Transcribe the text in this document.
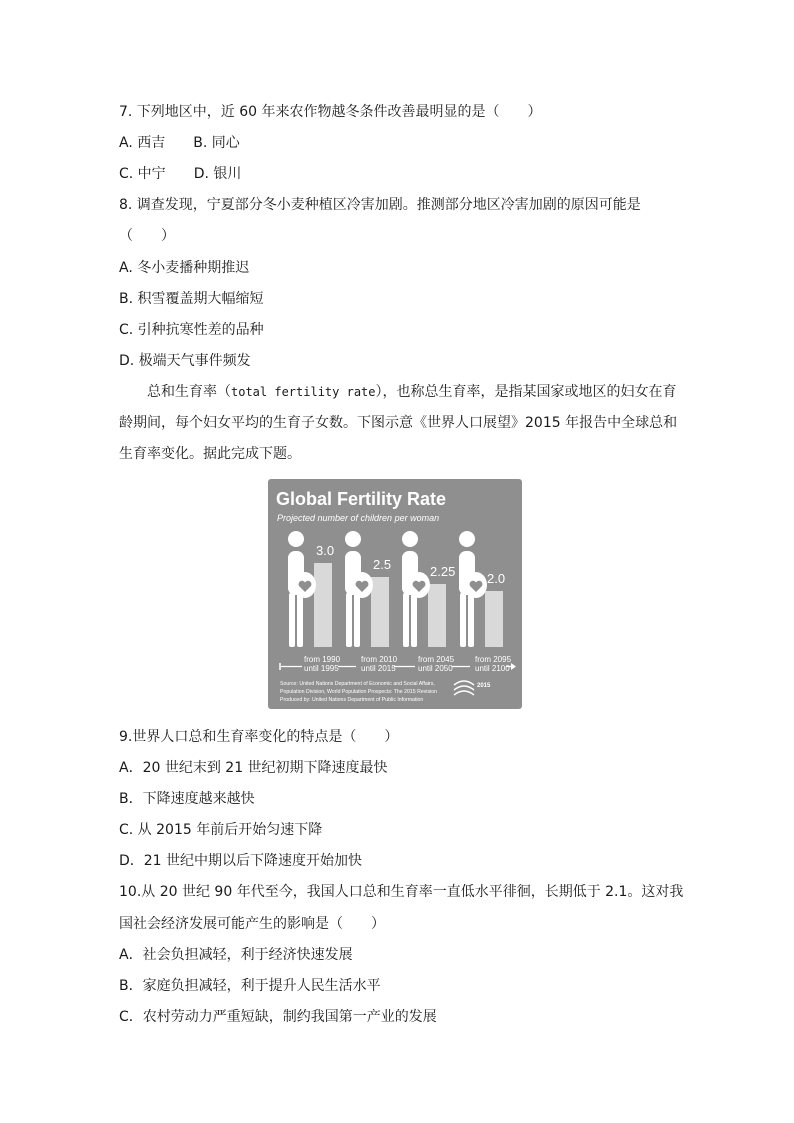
7. 下列地区中，近 60 年来农作物越冬条件改善最明显的是（　　）
A. 西吉 B. 同心
C. 中宁 D. 银川
8. 调查发现，宁夏部分冬小麦种植区冷害加剧。推测部分地区冷害加剧的原因可能是
（　　）
A. 冬小麦播种期推迟
B. 积雪覆盖期大幅缩短
C. 引种抗寒性差的品种
D. 极端天气事件频发
总和生育率（total fertility rate），也称总生育率，是指某国家或地区的妇女在育龄期间，每个妇女平均的生育子女数。下图示意《世界人口展望》2015 年报告中全球总和生育率变化。据此完成下题。
Global Fertility Rate
Projected number of children per woman
3.0
from 1990
until 1995
2.5
from 2010
until 2015
2.25
from 2045
until 2050
2.0
from 2095
until 2100
Source: United Nations Department of Economic and Social Affairs,
Population Division, World Population Prospects: The 2015 Revision
Produced by: United Nations Department of Public Information
2015
9.世界人口总和生育率变化的特点是（　　）
A．20 世纪末到 21 世纪初期下降速度最快
B．下降速度越来越快
C. 从 2015 年前后开始匀速下降
D．21 世纪中期以后下降速度开始加快
10.从 20 世纪 90 年代至今，我国人口总和生育率一直低水平徘徊，长期低于 2.1。这对我
国社会经济发展可能产生的影响是（　　）
A．社会负担减轻，利于经济快速发展
B．家庭负担减轻，利于提升人民生活水平
C．农村劳动力严重短缺，制约我国第一产业的发展
